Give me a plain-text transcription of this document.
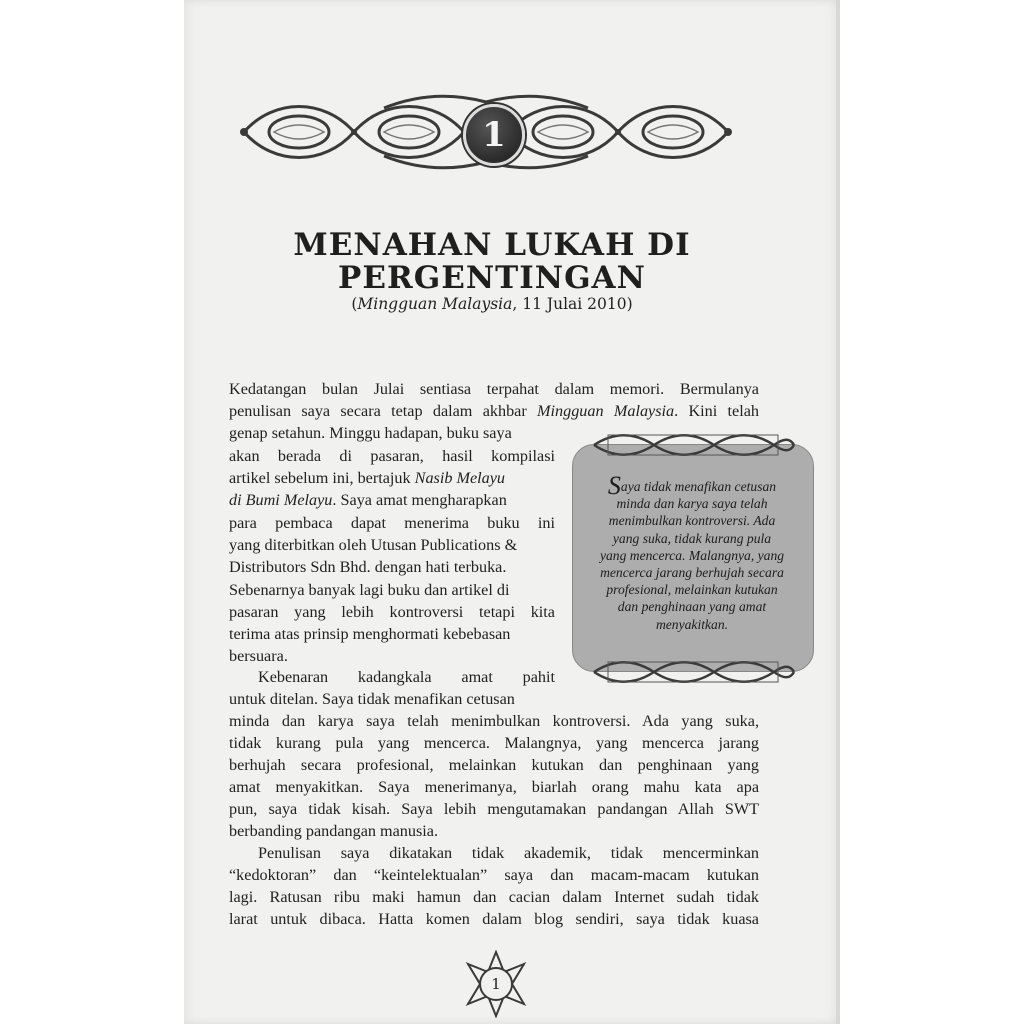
1
MENAHAN LUKAH DI
PERGENTINGAN
(Mingguan Malaysia, 11 Julai 2010)
Kedatangan bulan Julai sentiasa terpahat dalam memori. Bermulanya
penulisan saya secara tetap dalam akhbar Mingguan Malaysia. Kini telah
genap setahun. Minggu hadapan, buku saya
akan berada di pasaran, hasil kompilasi
artikel sebelum ini, bertajuk Nasib Melayu
di Bumi Melayu. Saya amat mengharapkan
para pembaca dapat menerima buku ini
yang diterbitkan oleh Utusan Publications &
Distributors Sdn Bhd. dengan hati terbuka.
Sebenarnya banyak lagi buku dan artikel di
pasaran yang lebih kontroversi tetapi kita
terima atas prinsip menghormati kebebasan
bersuara.
Kebenaran kadangkala amat pahit
untuk ditelan. Saya tidak menafikan cetusan
minda dan karya saya telah menimbulkan kontroversi. Ada yang suka,
tidak kurang pula yang mencerca. Malangnya, yang mencerca jarang
berhujah secara profesional, melainkan kutukan dan penghinaan yang
amat menyakitkan. Saya menerimanya, biarlah orang mahu kata apa
pun, saya tidak kisah. Saya lebih mengutamakan pandangan Allah SWT
berbanding pandangan manusia.
Penulisan saya dikatakan tidak akademik, tidak mencerminkan
“kedoktoran” dan “keintelektualan” saya dan macam-macam kutukan
lagi. Ratusan ribu maki hamun dan cacian dalam Internet sudah tidak
larat untuk dibaca. Hatta komen dalam blog sendiri, saya tidak kuasa
Saya tidak menafikan cetusan
minda dan karya saya telah
menimbulkan kontroversi. Ada
yang suka, tidak kurang pula
yang mencerca. Malangnya, yang
mencerca jarang berhujah secara
profesional, melainkan kutukan
dan penghinaan yang amat
menyakitkan.
1
